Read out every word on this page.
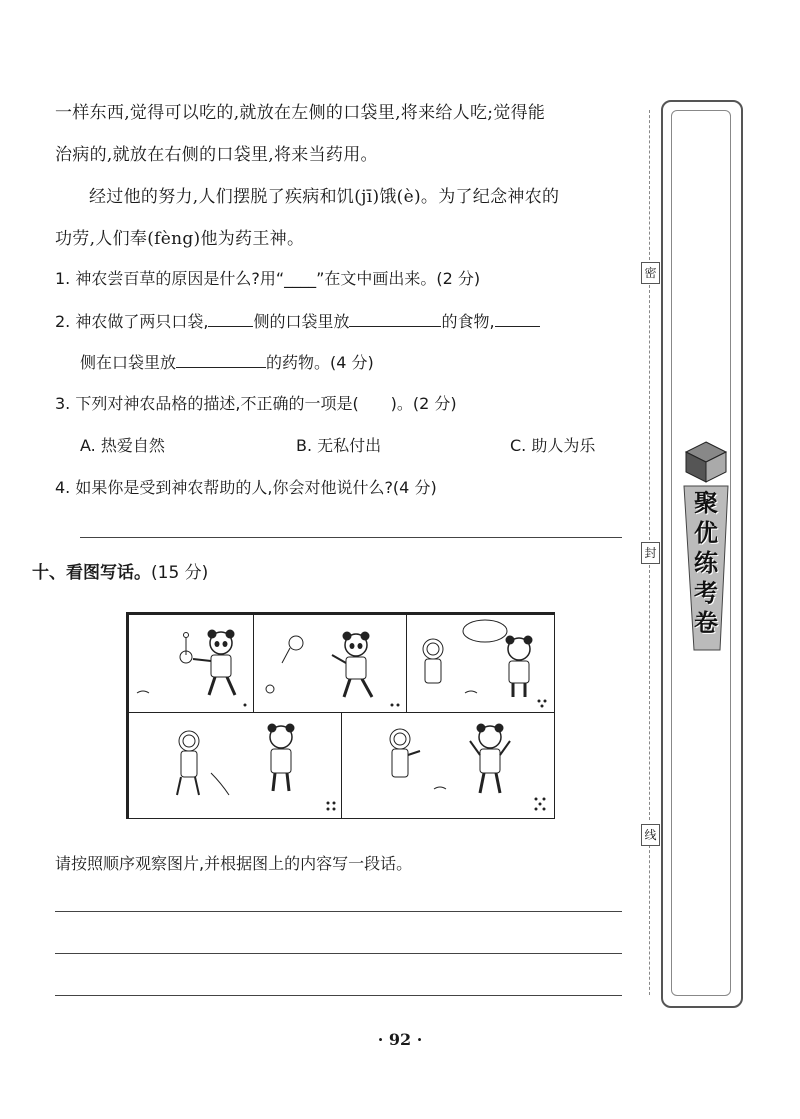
一样东西,觉得可以吃的,就放在左侧的口袋里,将来给人吃;觉得能
治病的,就放在右侧的口袋里,将来当药用。
经过他的努力,人们摆脱了疾病和饥(jī)饿(è)。为了纪念神农的
功劳,人们奉(fèng)他为药王神。
1. 神农尝百草的原因是什么?用“____”在文中画出来。(2 分)
2. 神农做了两只口袋,	侧的口袋里放	的食物,
侧在口袋里放	的药物。(4 分)
3. 下列对神农品格的描述,不正确的一项是(　　)。(2 分)
A. 热爱自然	B. 无私付出	C. 助人为乐
4. 如果你是受到神农帮助的人,你会对他说什么?(4 分)
十、看图写话。(15 分)
请按照顺序观察图片,并根据图上的内容写一段话。
密
封
线
聚优练考卷
· 92 ·
